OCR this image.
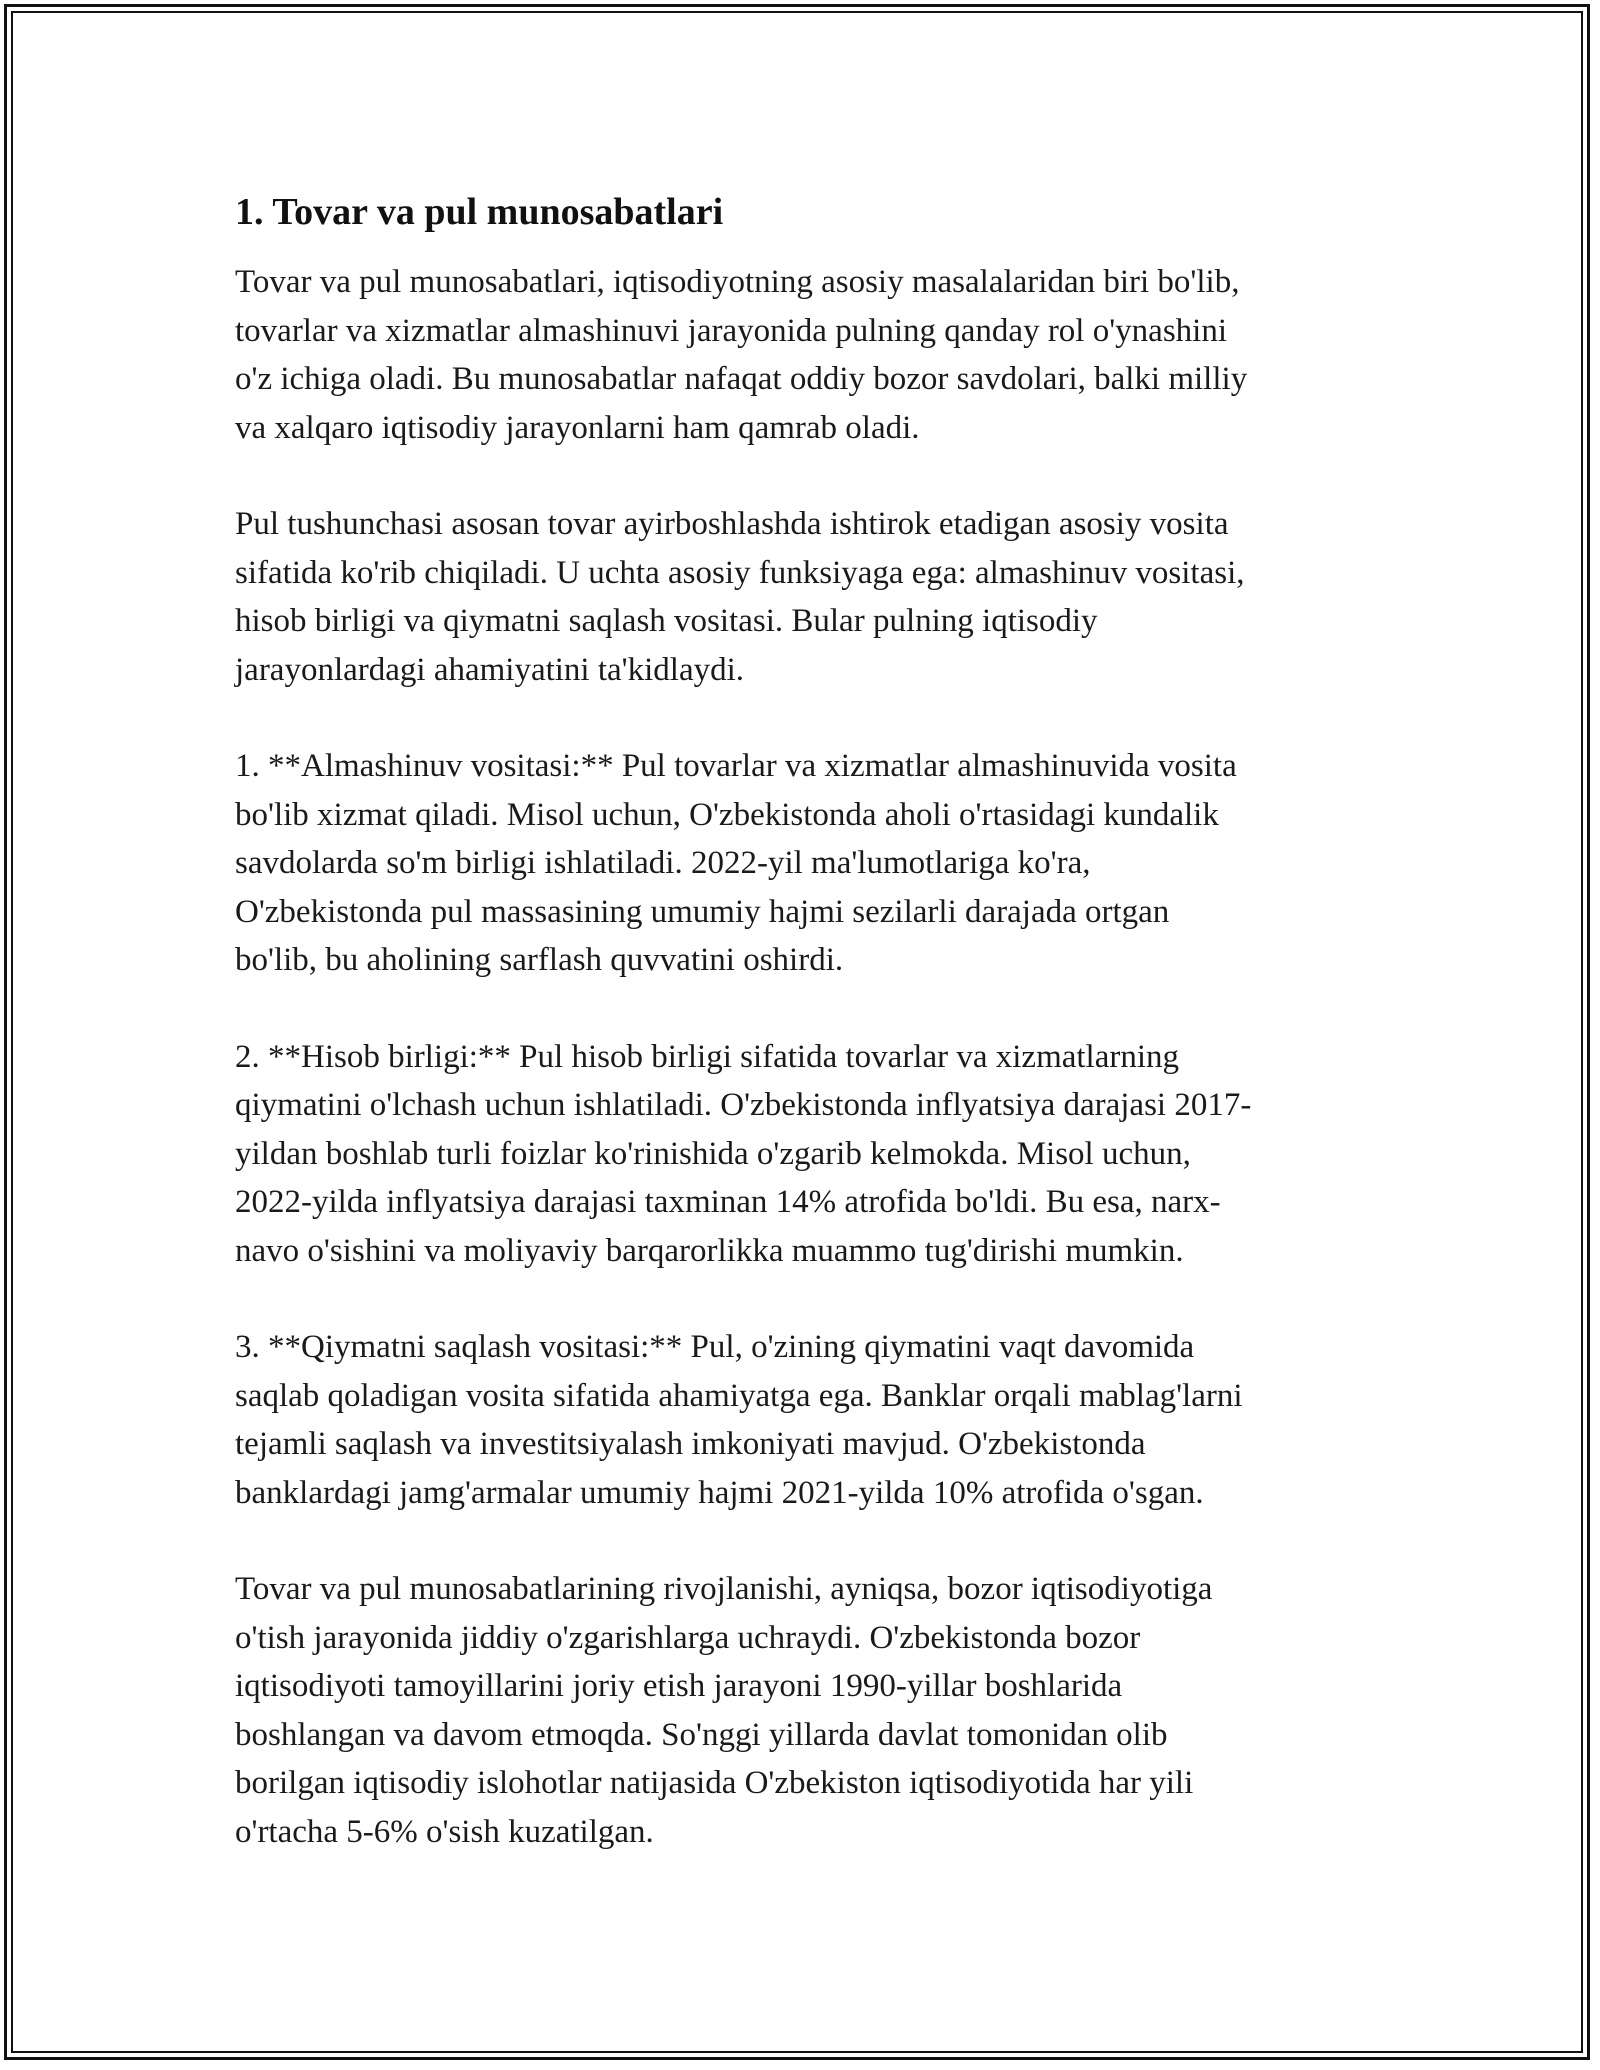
1. Tovar va pul munosabatlari
Tovar va pul munosabatlari, iqtisodiyotning asosiy masalalaridan biri bo'lib,
tovarlar va xizmatlar almashinuvi jarayonida pulning qanday rol o'ynashini
o'z ichiga oladi. Bu munosabatlar nafaqat oddiy bozor savdolari, balki milliy
va xalqaro iqtisodiy jarayonlarni ham qamrab oladi.
Pul tushunchasi asosan tovar ayirboshlashda ishtirok etadigan asosiy vosita
sifatida ko'rib chiqiladi. U uchta asosiy funksiyaga ega: almashinuv vositasi,
hisob birligi va qiymatni saqlash vositasi. Bular pulning iqtisodiy
jarayonlardagi ahamiyatini ta'kidlaydi.
1. **Almashinuv vositasi:** Pul tovarlar va xizmatlar almashinuvida vosita
bo'lib xizmat qiladi. Misol uchun, O'zbekistonda aholi o'rtasidagi kundalik
savdolarda so'm birligi ishlatiladi. 2022-yil ma'lumotlariga ko'ra,
O'zbekistonda pul massasining umumiy hajmi sezilarli darajada ortgan
bo'lib, bu aholining sarflash quvvatini oshirdi.
2. **Hisob birligi:** Pul hisob birligi sifatida tovarlar va xizmatlarning
qiymatini o'lchash uchun ishlatiladi. O'zbekistonda inflyatsiya darajasi 2017-
yildan boshlab turli foizlar ko'rinishida o'zgarib kelmokda. Misol uchun,
2022-yilda inflyatsiya darajasi taxminan 14% atrofida bo'ldi. Bu esa, narx-
navo o'sishini va moliyaviy barqarorlikka muammo tug'dirishi mumkin.
3. **Qiymatni saqlash vositasi:** Pul, o'zining qiymatini vaqt davomida
saqlab qoladigan vosita sifatida ahamiyatga ega. Banklar orqali mablag'larni
tejamli saqlash va investitsiyalash imkoniyati mavjud. O'zbekistonda
banklardagi jamg'armalar umumiy hajmi 2021-yilda 10% atrofida o'sgan.
Tovar va pul munosabatlarining rivojlanishi, ayniqsa, bozor iqtisodiyotiga
o'tish jarayonida jiddiy o'zgarishlarga uchraydi. O'zbekistonda bozor
iqtisodiyoti tamoyillarini joriy etish jarayoni 1990-yillar boshlarida
boshlangan va davom etmoqda. So'nggi yillarda davlat tomonidan olib
borilgan iqtisodiy islohotlar natijasida O'zbekiston iqtisodiyotida har yili
o'rtacha 5-6% o'sish kuzatilgan.
